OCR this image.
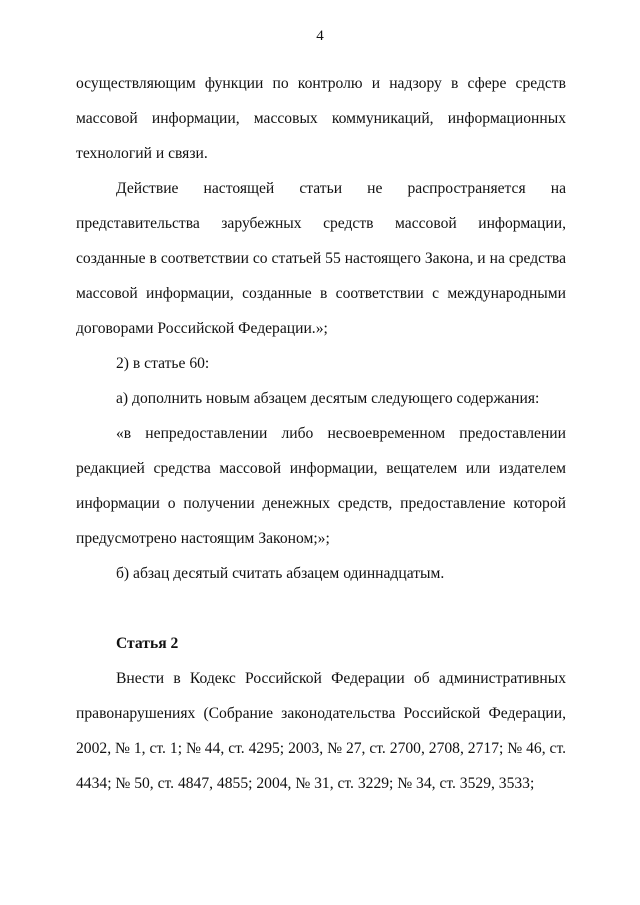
4

осуществляющим функции по контролю и надзору в сфере средств массовой информации, массовых коммуникаций, информационных технологий и связи.

Действие настоящей статьи не распространяется на представительства зарубежных средств массовой информации, созданные в соответствии со статьей 55 настоящего Закона, и на средства массовой информации, созданные в соответствии с международными договорами Российской Федерации.»;

2) в статье 60:

а) дополнить новым абзацем десятым следующего содержания:

«в непредоставлении либо несвоевременном предоставлении редакцией средства массовой информации, вещателем или издателем информации о получении денежных средств, предоставление которой предусмотрено настоящим Законом;»;

б) абзац десятый считать абзацем одиннадцатым.

Статья 2

Внести в Кодекс Российской Федерации об административных правонарушениях (Собрание законодательства Российской Федерации, 2002, № 1, ст. 1; № 44, ст. 4295; 2003, № 27, ст. 2700, 2708, 2717; № 46, ст. 4434; № 50, ст. 4847, 4855; 2004, № 31, ст. 3229; № 34, ст. 3529, 3533;
